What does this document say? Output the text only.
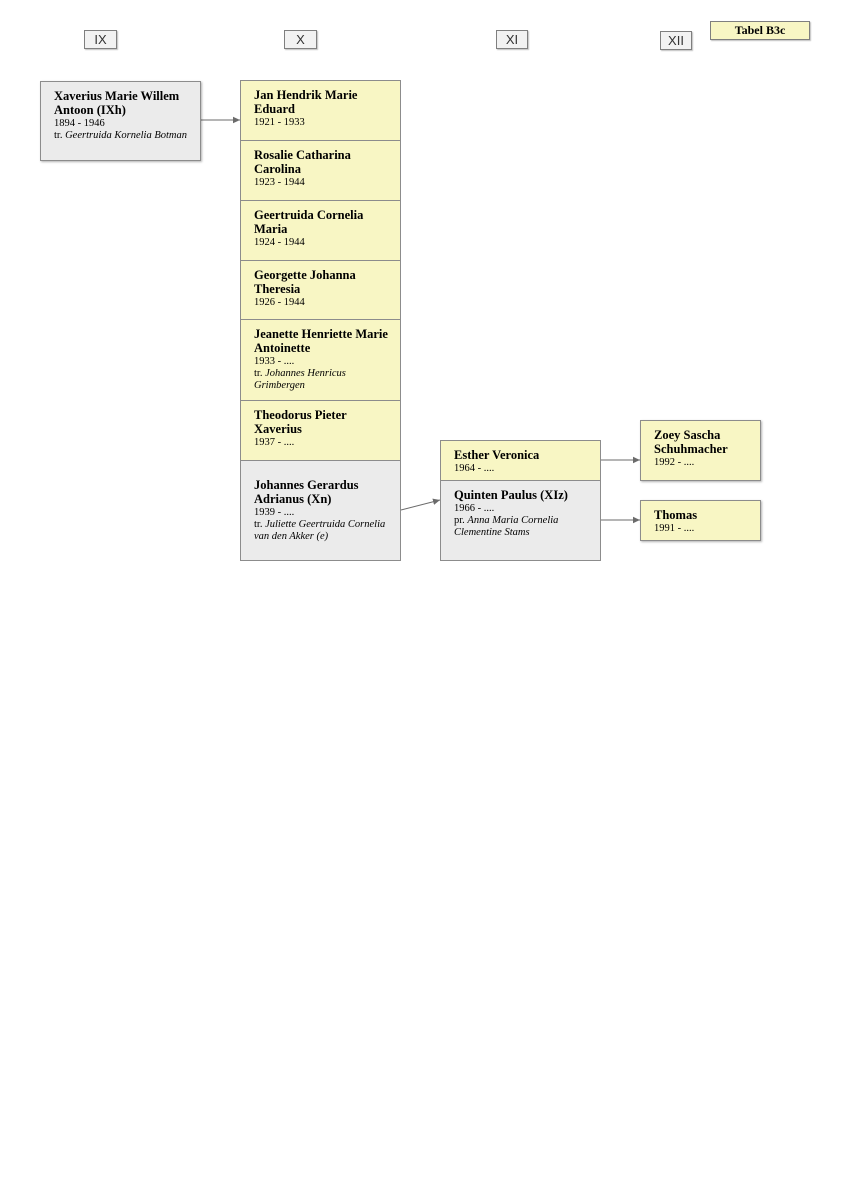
IX	X	XI	XII
Tabel B3c
Xaverius Marie Willem Antoon (IXh)
1894 - 1946
tr. Geertruida Kornelia Botman
Jan Hendrik Marie Eduard
1921 - 1933
Rosalie Catharina Carolina
1923 - 1944
Geertruida Cornelia Maria
1924 - 1944
Georgette Johanna Theresia
1926 - 1944
Jeanette Henriette Marie Antoinette
1933 - ....
tr. Johannes Henricus Grimbergen
Theodorus Pieter Xaverius
1937 - ....
Johannes Gerardus Adrianus (Xn)
1939 - ....
tr. Juliette Geertruida Cornelia van den Akker (e)
Esther Veronica
1964 - ....
Quinten Paulus (XIz)
1966 - ....
pr. Anna Maria Cornelia Clementine Stams
Zoey Sascha Schuhmacher
1992 - ....
Thomas
1991 - ....
